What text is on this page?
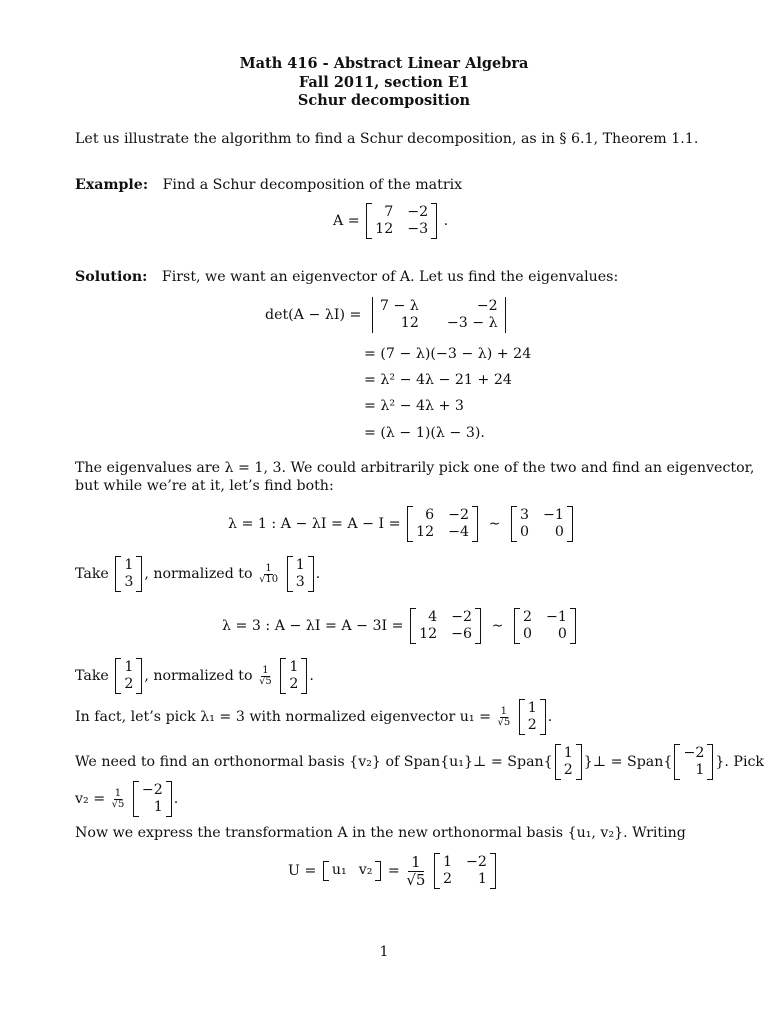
Math 416 - Abstract Linear Algebra
Fall 2011, section E1
Schur decomposition
Let us illustrate the algorithm to find a Schur decomposition, as in § 6.1, Theorem 1.1.
Example: Find a Schur decomposition of the matrix
A =
7 −2
12 −3 .
Solution: First, we want an eigenvector of A. Let us find the eigenvalues:
det(A − λI) =
7 − λ	−2
12 −3 − λ
= (7 − λ)(−3 − λ) + 24
= λ² − 4λ − 21 + 24
= λ² − 4λ + 3
= (λ − 1)(λ − 3).
The eigenvalues are λ = 1, 3. We could arbitrarily pick one of the two and find an eigenvector,
but while we’re at it, let’s find both:
λ = 1 : A − λI = A − I =
6 −2
12 −4 ∼
3 −1
0	0
Take
1
3 , normalized to $\frac{1}{√10}$
1
3 .
λ = 3 : A − λI = A − 3I =
4 −2
12 −6 ∼
2 −1
0	0
Take
1
2 , normalized to $\frac{1}{√5}$
1
2 .
In fact, let’s pick λ₁ = 3 with normalized eigenvector $u_1 = \frac{1}{√5}$
1
2 .
We need to find an orthonormal basis {v₂} of Span{u₁}⊥ = Span{
1
2 }⊥ = Span{
−2
1 }. Pick
$v_2 = \frac{1}{√5}$
−2
1 .
Now we express the transformation A in the new orthonormal basis {u₁, v₂}. Writing
U = u₁ $v_2 = \frac{1}{√5}$
1 −2
2	1
1
